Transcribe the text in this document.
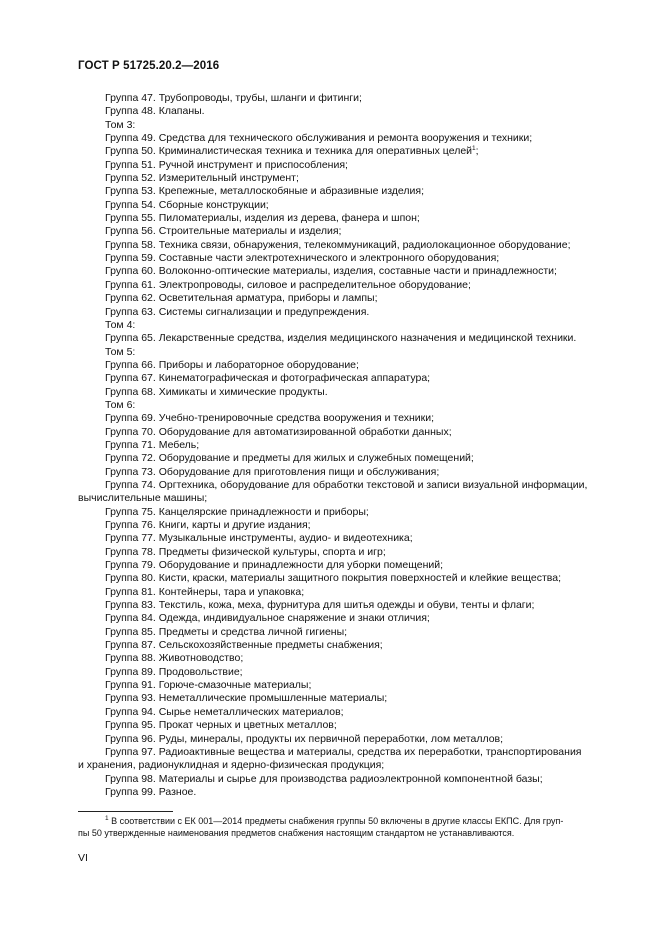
ГОСТ Р 51725.20.2—2016
Группа 47. Трубопроводы, трубы, шланги и фитинги;
Группа 48. Клапаны.
Том 3:
Группа 49. Средства для технического обслуживания и ремонта вооружения и техники;
Группа 50. Криминалистическая техника и техника для оперативных целей$^1$;
Группа 51. Ручной инструмент и приспособления;
Группа 52. Измерительный инструмент;
Группа 53. Крепежные, металлоскобяные и абразивные изделия;
Группа 54. Сборные конструкции;
Группа 55. Пиломатериалы, изделия из дерева, фанера и шпон;
Группа 56. Строительные материалы и изделия;
Группа 58. Техника связи, обнаружения, телекоммуникаций, радиолокационное оборудование;
Группа 59. Составные части электротехнического и электронного оборудования;
Группа 60. Волоконно-оптические материалы, изделия, составные части и принадлежности;
Группа 61. Электропроводы, силовое и распределительное оборудование;
Группа 62. Осветительная арматура, приборы и лампы;
Группа 63. Системы сигнализации и предупреждения.
Том 4:
Группа 65. Лекарственные средства, изделия медицинского назначения и медицинской техники.
Том 5:
Группа 66. Приборы и лабораторное оборудование;
Группа 67. Кинематографическая и фотографическая аппаратура;
Группа 68. Химикаты и химические продукты.
Том 6:
Группа 69. Учебно-тренировочные средства вооружения и техники;
Группа 70. Оборудование для автоматизированной обработки данных;
Группа 71. Мебель;
Группа 72. Оборудование и предметы для жилых и служебных помещений;
Группа 73. Оборудование для приготовления пищи и обслуживания;
Группа 74. Оргтехника, оборудование для обработки текстовой и записи визуальной информации,
вычислительные машины;
Группа 75. Канцелярские принадлежности и приборы;
Группа 76. Книги, карты и другие издания;
Группа 77. Музыкальные инструменты, аудио- и видеотехника;
Группа 78. Предметы физической культуры, спорта и игр;
Группа 79. Оборудование и принадлежности для уборки помещений;
Группа 80. Кисти, краски, материалы защитного покрытия поверхностей и клейкие вещества;
Группа 81. Контейнеры, тара и упаковка;
Группа 83. Текстиль, кожа, меха, фурнитура для шитья одежды и обуви, тенты и флаги;
Группа 84. Одежда, индивидуальное снаряжение и знаки отличия;
Группа 85. Предметы и средства личной гигиены;
Группа 87. Сельскохозяйственные предметы снабжения;
Группа 88. Животноводство;
Группа 89. Продовольствие;
Группа 91. Горюче-смазочные материалы;
Группа 93. Неметаллические промышленные материалы;
Группа 94. Сырье неметаллических материалов;
Группа 95. Прокат черных и цветных металлов;
Группа 96. Руды, минералы, продукты их первичной переработки, лом металлов;
Группа 97. Радиоактивные вещества и материалы, средства их переработки, транспортирования
и хранения, радионуклидная и ядерно-физическая продукция;
Группа 98. Материалы и сырье для производства радиоэлектронной компонентной базы;
Группа 99. Разное.
$^1$ В соответствии с ЕК 001—2014 предметы снабжения группы 50 включены в другие классы ЕКПС. Для груп-
пы 50 утвержденные наименования предметов снабжения настоящим стандартом не устанавливаются.
VI
